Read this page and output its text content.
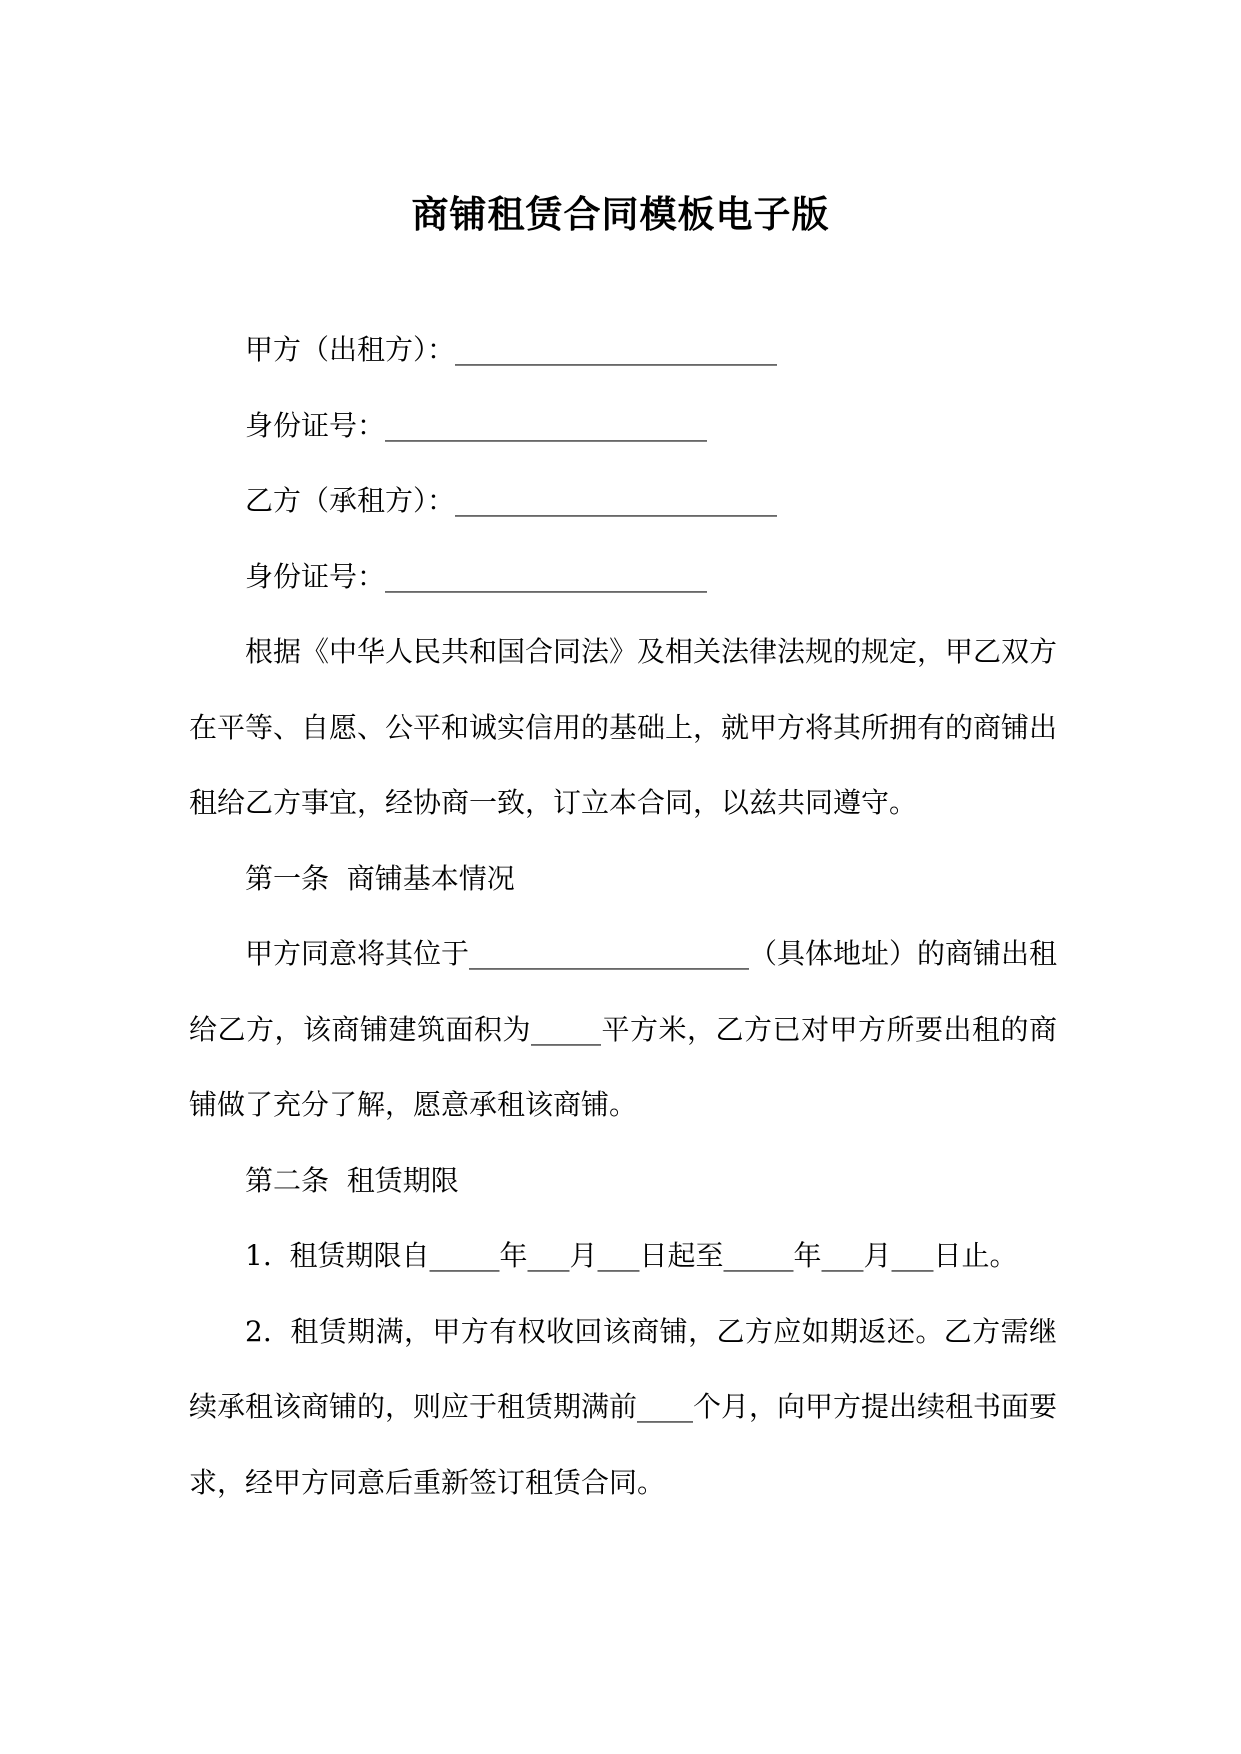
商铺租赁合同模板电子版

甲方（出租方）：_______________________

身份证号：_______________________

乙方（承租方）：_______________________

身份证号：_______________________

根据《中华人民共和国合同法》及相关法律法规的规定，甲乙双方在平等、自愿、公平和诚实信用的基础上，就甲方将其所拥有的商铺出租给乙方事宜，经协商一致，订立本合同，以兹共同遵守。

第一条  商铺基本情况

甲方同意将其位于____________________（具体地址）的商铺出租给乙方，该商铺建筑面积为_____平方米，乙方已对甲方所要出租的商铺做了充分了解，愿意承租该商铺。

第二条  租赁期限

1.  租赁期限自_____年___月___日起至_____年___月___日止。

2.  租赁期满，甲方有权收回该商铺，乙方应如期返还。乙方需继续承租该商铺的，则应于租赁期满前____个月，向甲方提出续租书面要求，经甲方同意后重新签订租赁合同。
